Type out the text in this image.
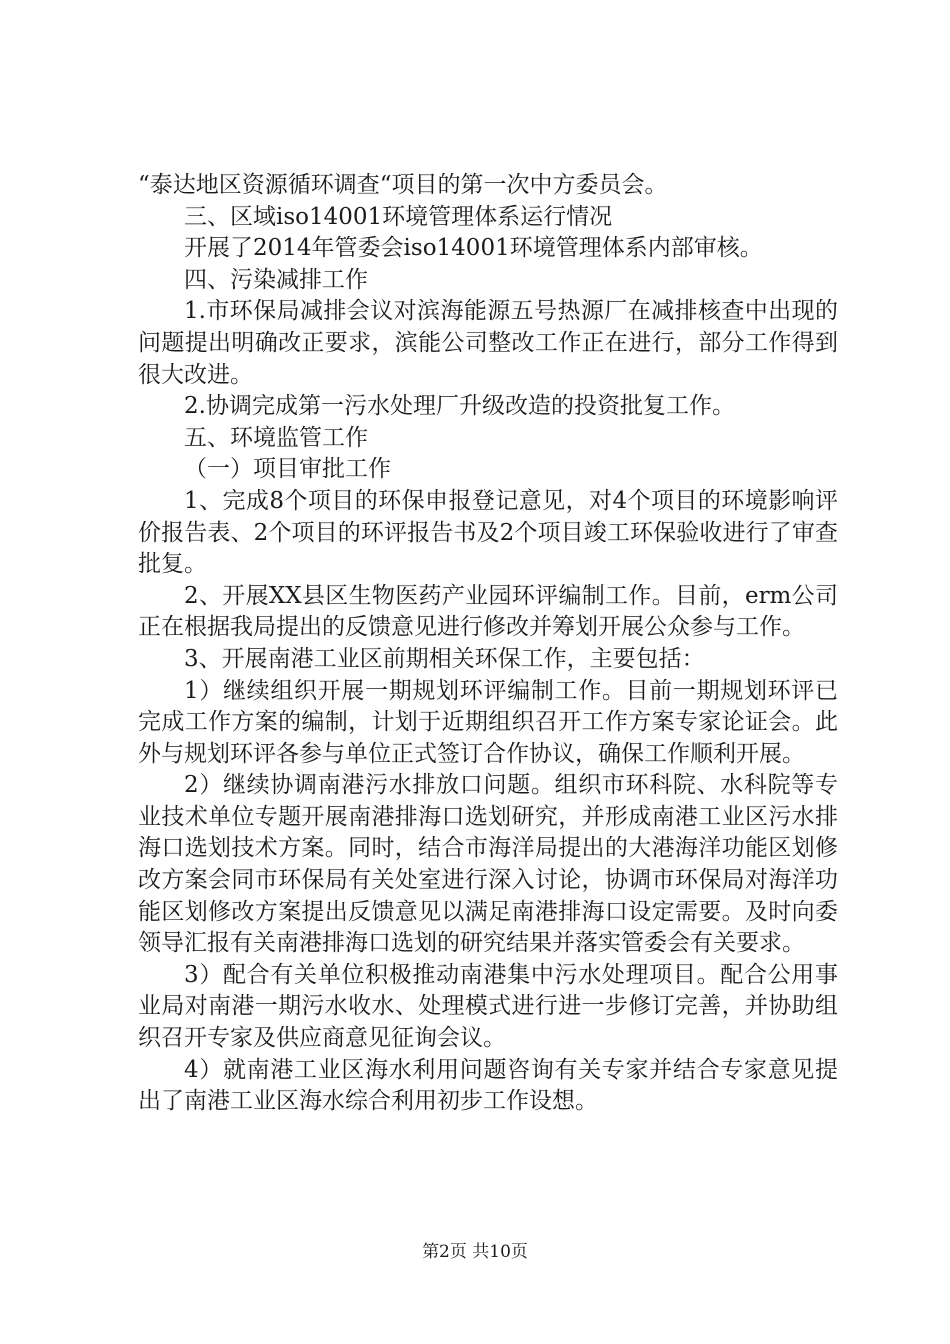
“泰达地区资源循环调查“项目的第一次中方委员会。

三、区域iso14001环境管理体系运行情况

开展了2014年管委会iso14001环境管理体系内部审核。

四、污染减排工作

1.市环保局减排会议对滨海能源五号热源厂在减排核查中出现的问题提出明确改正要求，滨能公司整改工作正在进行，部分工作得到很大改进。

2.协调完成第一污水处理厂升级改造的投资批复工作。

五、环境监管工作

（一）项目审批工作

1、完成8个项目的环保申报登记意见，对4个项目的环境影响评价报告表、2个项目的环评报告书及2个项目竣工环保验收进行了审查批复。

2、开展XX县区生物医药产业园环评编制工作。目前，erm公司正在根据我局提出的反馈意见进行修改并筹划开展公众参与工作。

3、开展南港工业区前期相关环保工作，主要包括：

1）继续组织开展一期规划环评编制工作。目前一期规划环评已完成工作方案的编制，计划于近期组织召开工作方案专家论证会。此外与规划环评各参与单位正式签订合作协议，确保工作顺利开展。

2）继续协调南港污水排放口问题。组织市环科院、水科院等专业技术单位专题开展南港排海口选划研究，并形成南港工业区污水排海口选划技术方案。同时，结合市海洋局提出的大港海洋功能区划修改方案会同市环保局有关处室进行深入讨论，协调市环保局对海洋功能区划修改方案提出反馈意见以满足南港排海口设定需要。及时向委领导汇报有关南港排海口选划的研究结果并落实管委会有关要求。

3）配合有关单位积极推动南港集中污水处理项目。配合公用事业局对南港一期污水收水、处理模式进行进一步修订完善，并协助组织召开专家及供应商意见征询会议。

4）就南港工业区海水利用问题咨询有关专家并结合专家意见提出了南港工业区海水综合利用初步工作设想。

第2页 共10页
